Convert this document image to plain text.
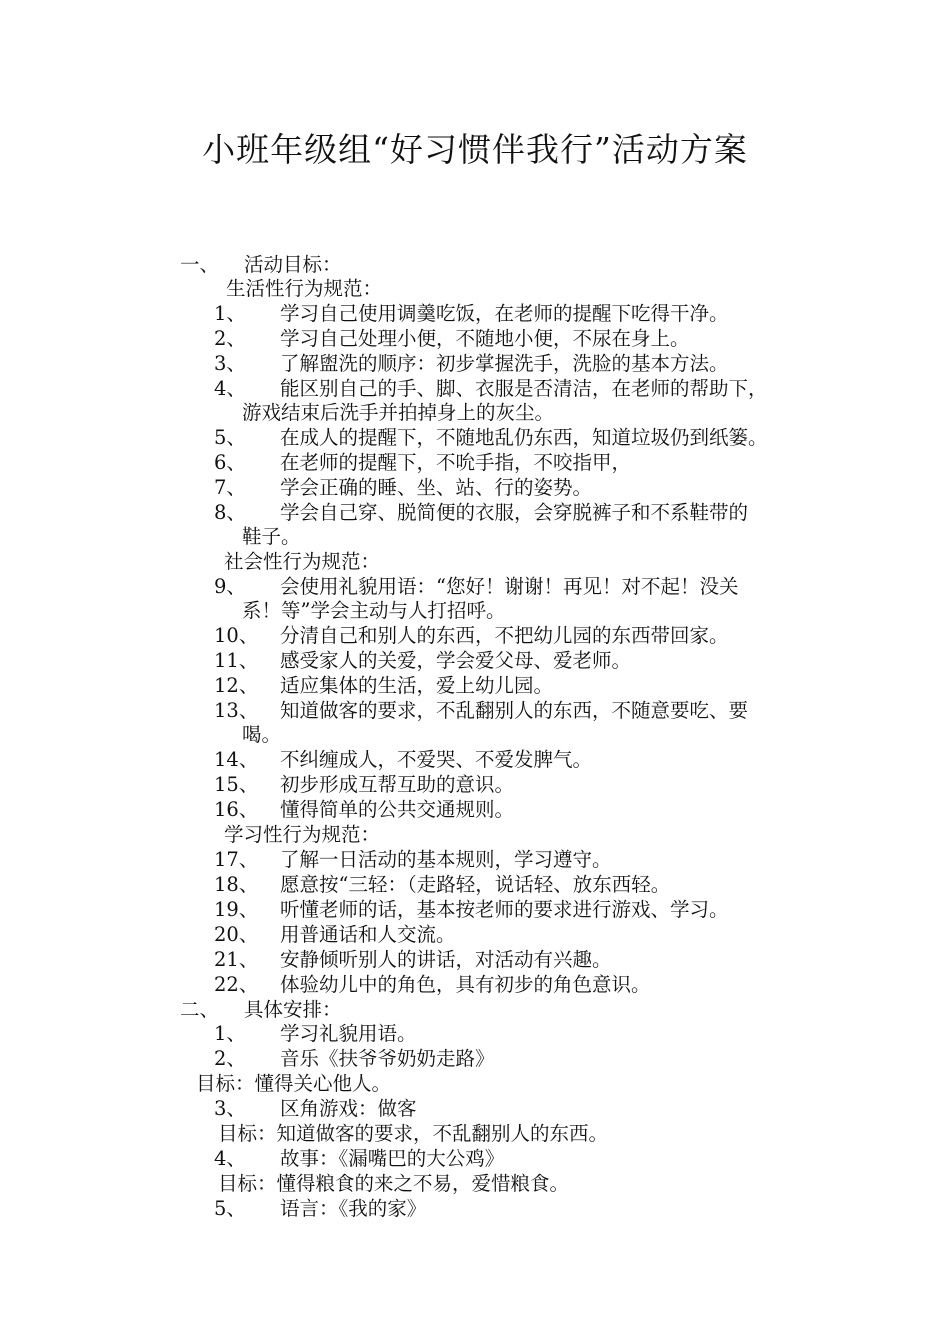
小班年级组“好习惯伴我行”活动方案
一、 活动目标：
生活性行为规范：
1、 学习自己使用调羹吃饭，在老师的提醒下吃得干净。
2、 学习自己处理小便，不随地小便，不尿在身上。
3、 了解盥洗的顺序：初步掌握洗手，洗脸的基本方法。
4、 能区别自己的手、脚、衣服是否清洁，在老师的帮助下，
游戏结束后洗手并拍掉身上的灰尘。
5、 在成人的提醒下，不随地乱仍东西，知道垃圾仍到纸篓。
6、 在老师的提醒下，不吮手指，不咬指甲，
7、 学会正确的睡、坐、站、行的姿势。
8、 学会自己穿、脱简便的衣服，会穿脱裤子和不系鞋带的
鞋子。
社会性行为规范：
9、 会使用礼貌用语：“您好！谢谢！再见！对不起！没关
系！等”学会主动与人打招呼。
10、 分清自己和别人的东西，不把幼儿园的东西带回家。
11、 感受家人的关爱，学会爱父母、爱老师。
12、 适应集体的生活，爱上幼儿园。
13、 知道做客的要求，不乱翻别人的东西，不随意要吃、要
喝。
14、 不纠缠成人，不爱哭、不爱发脾气。
15、 初步形成互帮互助的意识。
16、 懂得简单的公共交通规则。
学习性行为规范：
17、 了解一日活动的基本规则，学习遵守。
18、 愿意按“三轻：（走路轻，说话轻、放东西轻。
19、 听懂老师的话，基本按老师的要求进行游戏、学习。
20、 用普通话和人交流。
21、 安静倾听别人的讲话，对活动有兴趣。
22、 体验幼儿中的角色，具有初步的角色意识。
二、 具体安排：
1、 学习礼貌用语。
2、 音乐《扶爷爷奶奶走路》
目标：懂得关心他人。
3、 区角游戏：做客
目标：知道做客的要求，不乱翻别人的东西。
4、 故事：《漏嘴巴的大公鸡》
目标：懂得粮食的来之不易，爱惜粮食。
5、 语言：《我的家》
